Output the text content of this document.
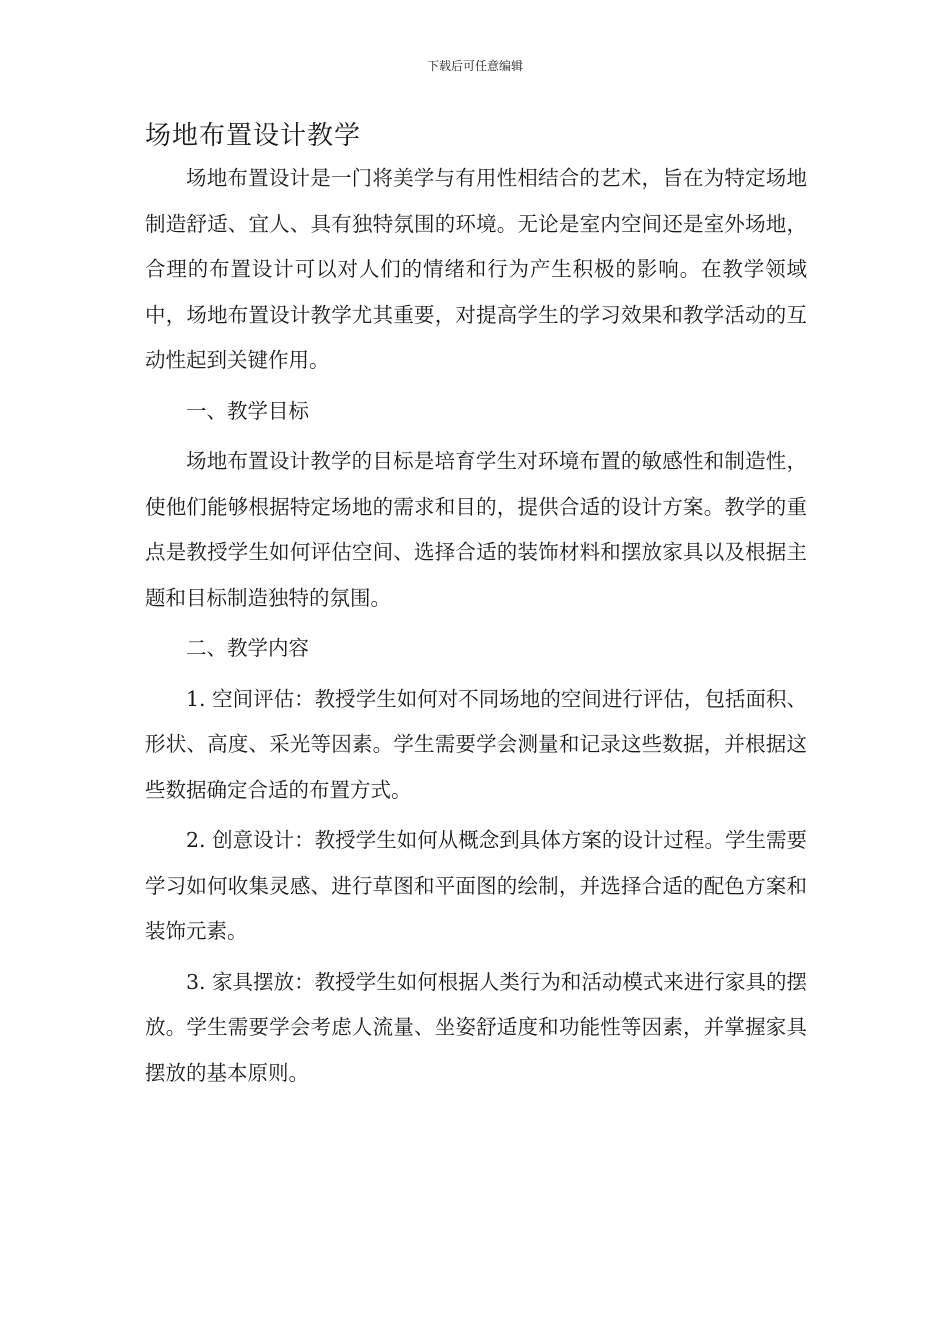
下载后可任意编辑
场地布置设计教学

场地布置设计是一门将美学与有用性相结合的艺术，旨在为特定场地制造舒适、宜人、具有独特氛围的环境。无论是室内空间还是室外场地，合理的布置设计可以对人们的情绪和行为产生积极的影响。在教学领域中，场地布置设计教学尤其重要，对提高学生的学习效果和教学活动的互动性起到关键作用。

一、教学目标

场地布置设计教学的目标是培育学生对环境布置的敏感性和制造性，使他们能够根据特定场地的需求和目的，提供合适的设计方案。教学的重点是教授学生如何评估空间、选择合适的装饰材料和摆放家具以及根据主题和目标制造独特的氛围。

二、教学内容

1. 空间评估：教授学生如何对不同场地的空间进行评估，包括面积、形状、高度、采光等因素。学生需要学会测量和记录这些数据，并根据这些数据确定合适的布置方式。

2. 创意设计：教授学生如何从概念到具体方案的设计过程。学生需要学习如何收集灵感、进行草图和平面图的绘制，并选择合适的配色方案和装饰元素。

3. 家具摆放：教授学生如何根据人类行为和活动模式来进行家具的摆放。学生需要学会考虑人流量、坐姿舒适度和功能性等因素，并掌握家具摆放的基本原则。
